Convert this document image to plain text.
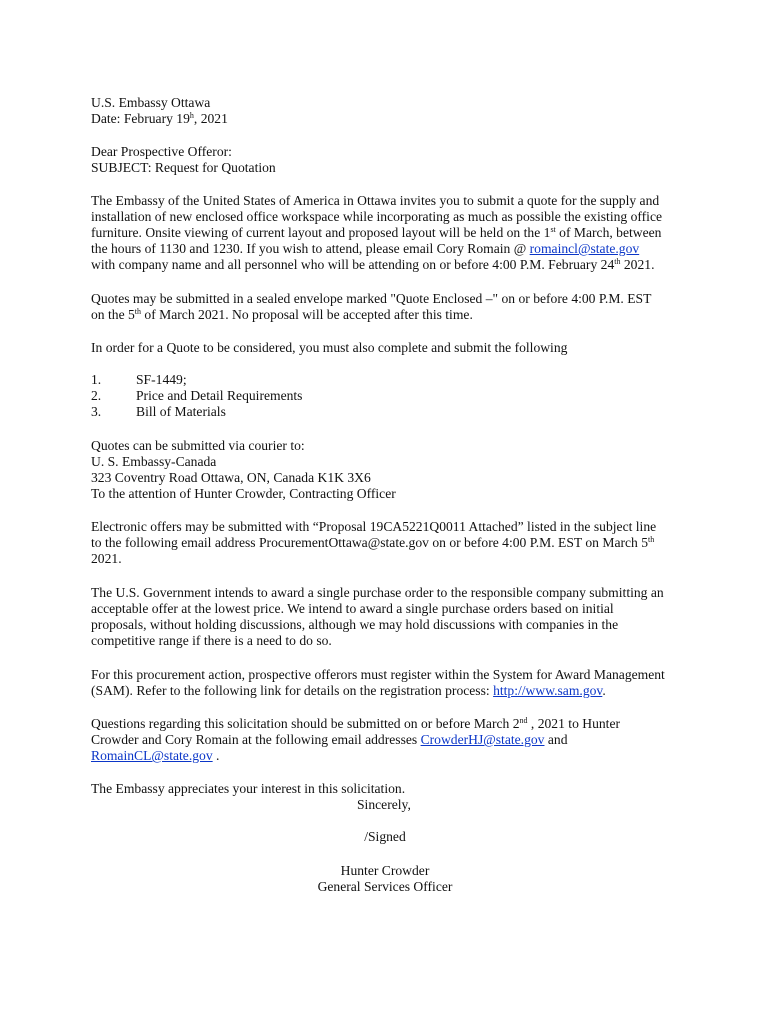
U.S. Embassy Ottawa
Date: February 19$^h$, 2021
Dear Prospective Offeror:
SUBJECT: Request for Quotation
The Embassy of the United States of America in Ottawa invites you to submit a quote for the supply and
installation of new enclosed office workspace while incorporating as much as possible the existing office
furniture. Onsite viewing of current layout and proposed layout will be held on the 1st of March, between
the hours of 1130 and 1230. If you wish to attend, please email Cory Romain @ romaincl@state.gov
with company name and all personnel who will be attending on or before 4:00 P.M. February 24th 2021.
Quotes may be submitted in a sealed envelope marked "Quote Enclosed –" on or before 4:00 P.M. EST
on the 5th of March 2021. No proposal will be accepted after this time.
In order for a Quote to be considered, you must also complete and submit the following
1.	SF-1449;
2.	Price and Detail Requirements
3.	Bill of Materials
Quotes can be submitted via courier to:
U. S. Embassy-Canada
323 Coventry Road Ottawa, ON, Canada K1K 3X6
To the attention of Hunter Crowder, Contracting Officer
Electronic offers may be submitted with “Proposal 19CA5221Q0011 Attached” listed in the subject line
to the following email address ProcurementOttawa@state.gov on or before 4:00 P.M. EST on March 5th
2021.
The U.S. Government intends to award a single purchase order to the responsible company submitting an
acceptable offer at the lowest price. We intend to award a single purchase orders based on initial
proposals, without holding discussions, although we may hold discussions with companies in the
competitive range if there is a need to do so.
For this procurement action, prospective offerors must register within the System for Award Management
(SAM). Refer to the following link for details on the registration process: http://www.sam.gov.
Questions regarding this solicitation should be submitted on or before March 2nd , 2021 to Hunter
Crowder and Cory Romain at the following email addresses CrowderHJ@state.gov and
RomainCL@state.gov .
The Embassy appreciates your interest in this solicitation.
Sincerely,
/Signed
Hunter Crowder
General Services Officer
